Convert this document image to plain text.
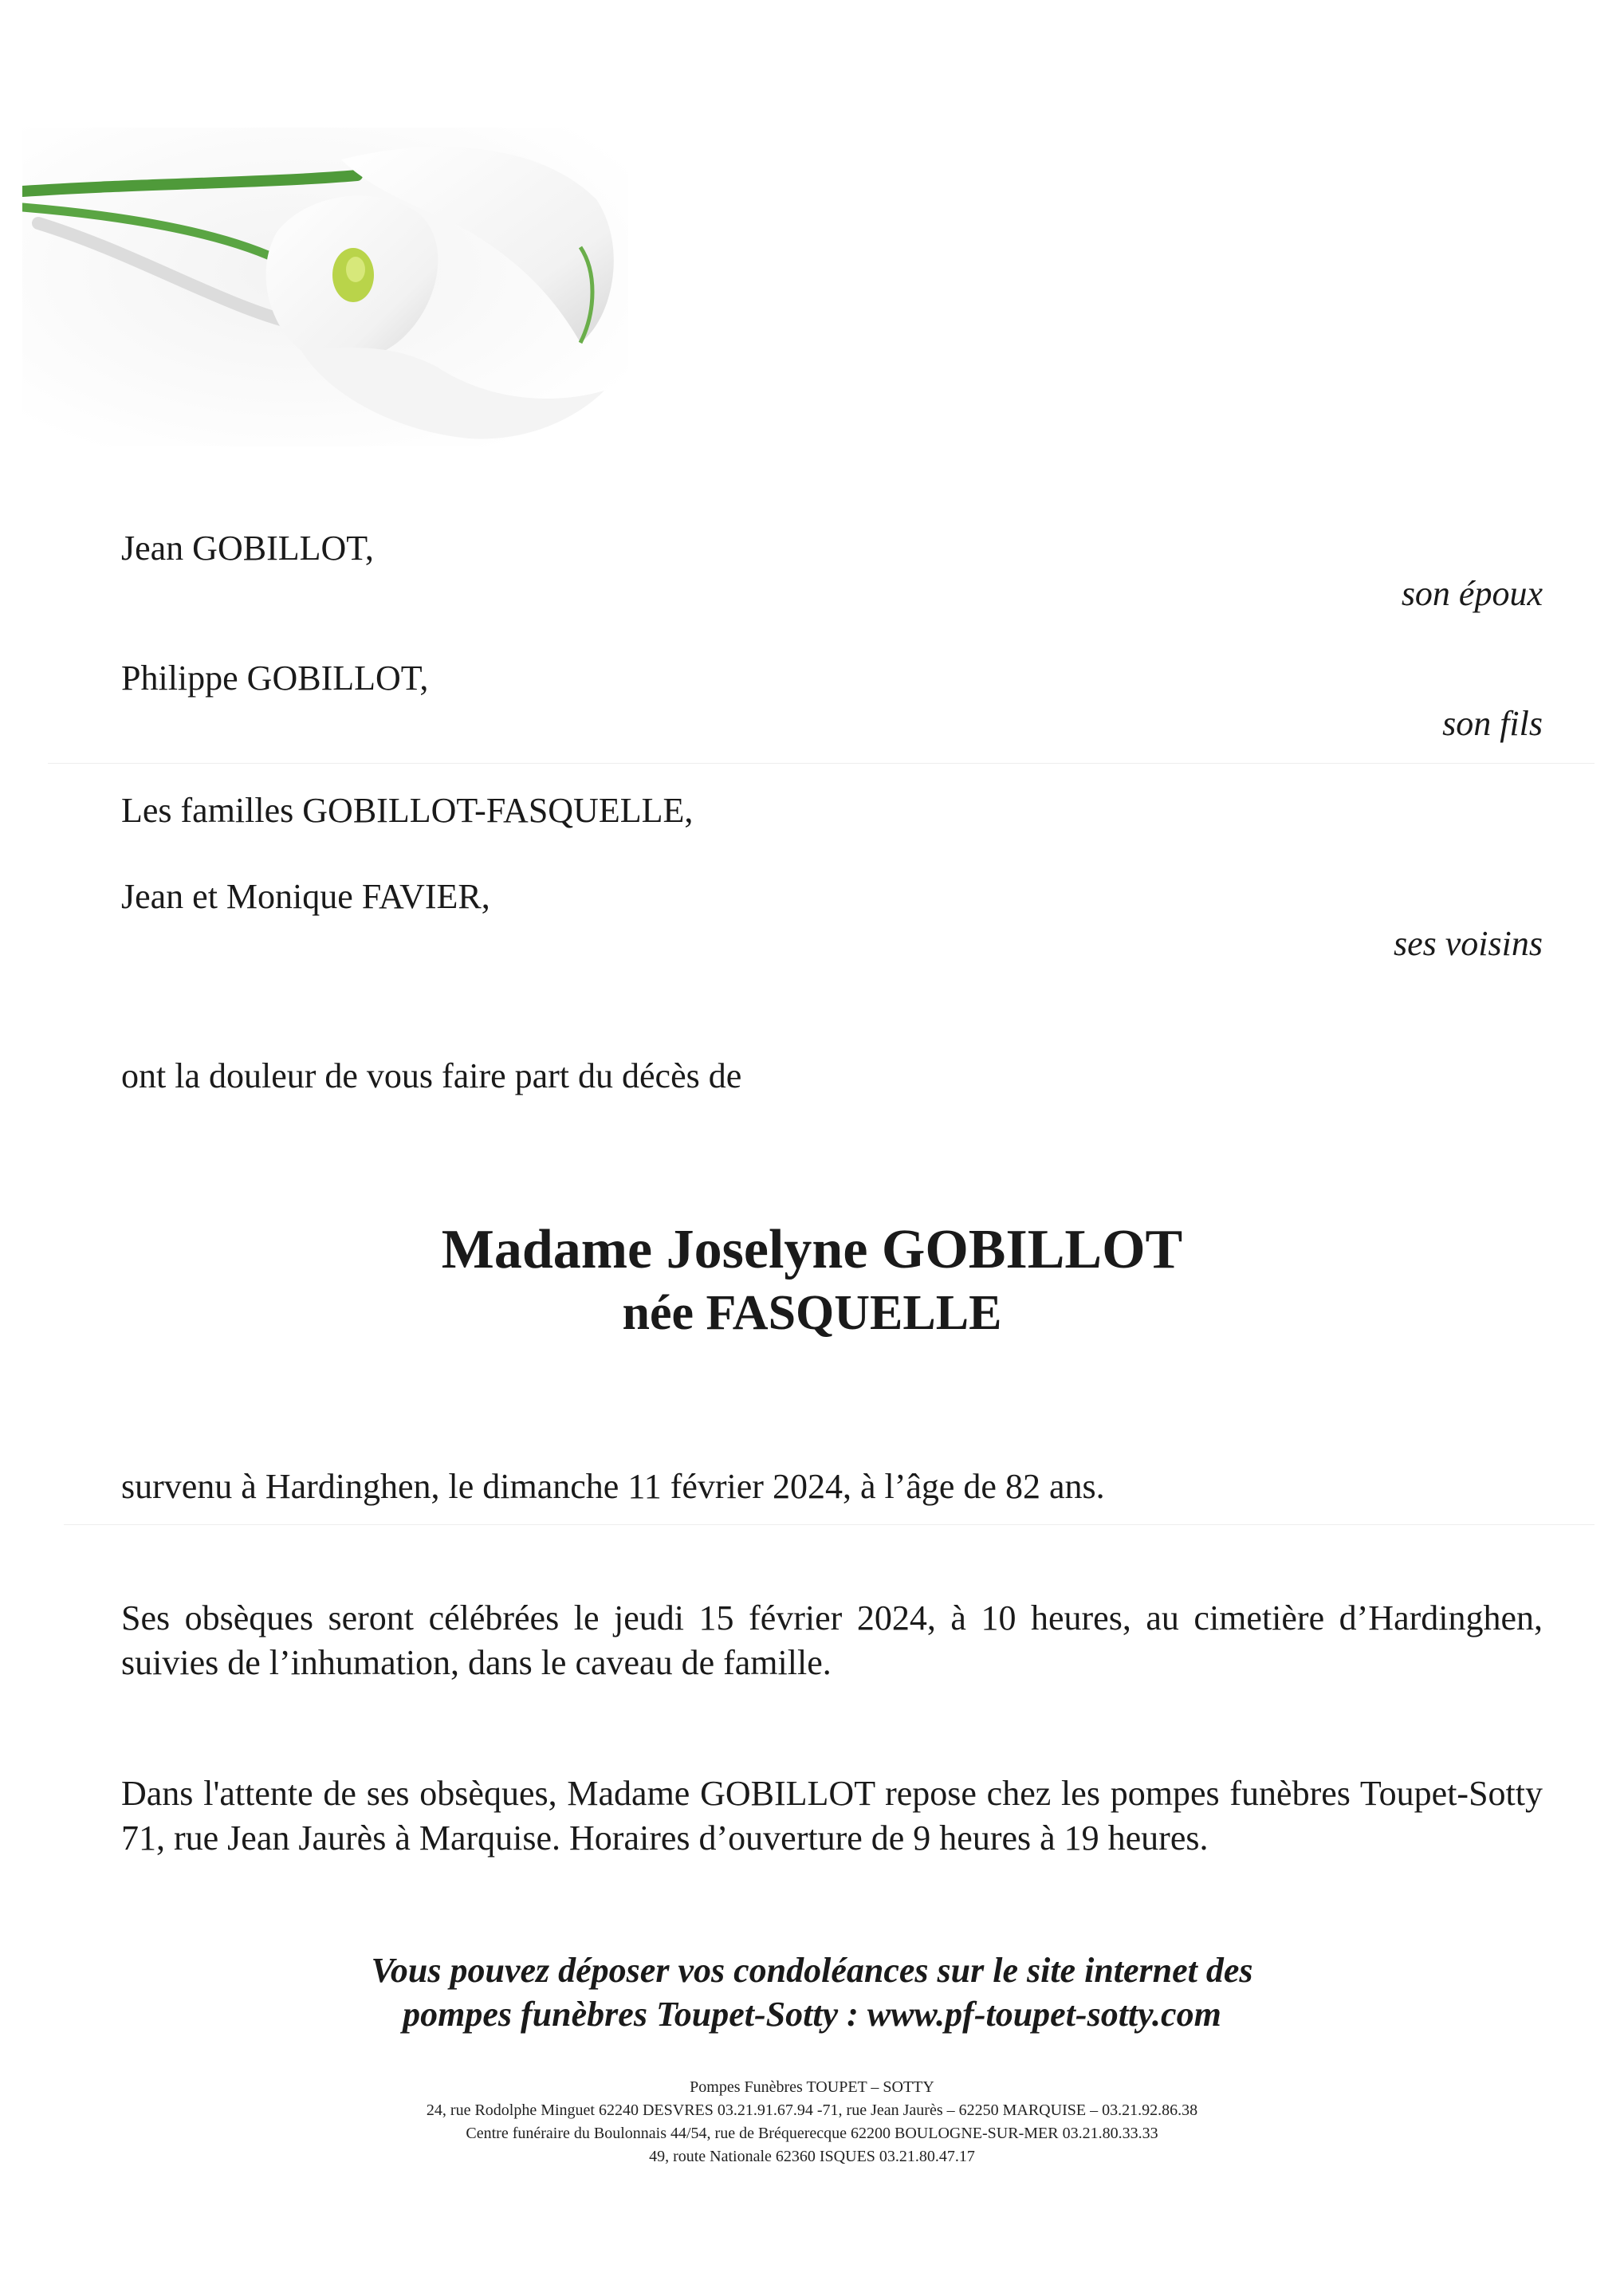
Jean GOBILLOT,
son époux
Philippe GOBILLOT,
son fils
Les familles GOBILLOT-FASQUELLE,
Jean et Monique FAVIER,
ses voisins
ont la douleur de vous faire part du décès de
Madame Joselyne GOBILLOT
née FASQUELLE
survenu à Hardinghen, le dimanche 11 février 2024, à l’âge de 82 ans.
Ses obsèques seront célébrées le jeudi 15 février 2024, à 10 heures, au cimetière d’Hardinghen, suivies de l’inhumation, dans le caveau de famille.
Dans l'attente de ses obsèques, Madame GOBILLOT repose chez les pompes funèbres Toupet-Sotty 71, rue Jean Jaurès à Marquise. Horaires d’ouverture de 9 heures à 19 heures.
Vous pouvez déposer vos condoléances sur le site internet des
pompes funèbres Toupet-Sotty : www.pf-toupet-sotty.com
Pompes Funèbres TOUPET – SOTTY
24, rue Rodolphe Minguet 62240 DESVRES 03.21.91.67.94 -71, rue Jean Jaurès – 62250 MARQUISE – 03.21.92.86.38
Centre funéraire du Boulonnais 44/54, rue de Bréquerecque 62200 BOULOGNE-SUR-MER 03.21.80.33.33
49, route Nationale 62360 ISQUES 03.21.80.47.17
